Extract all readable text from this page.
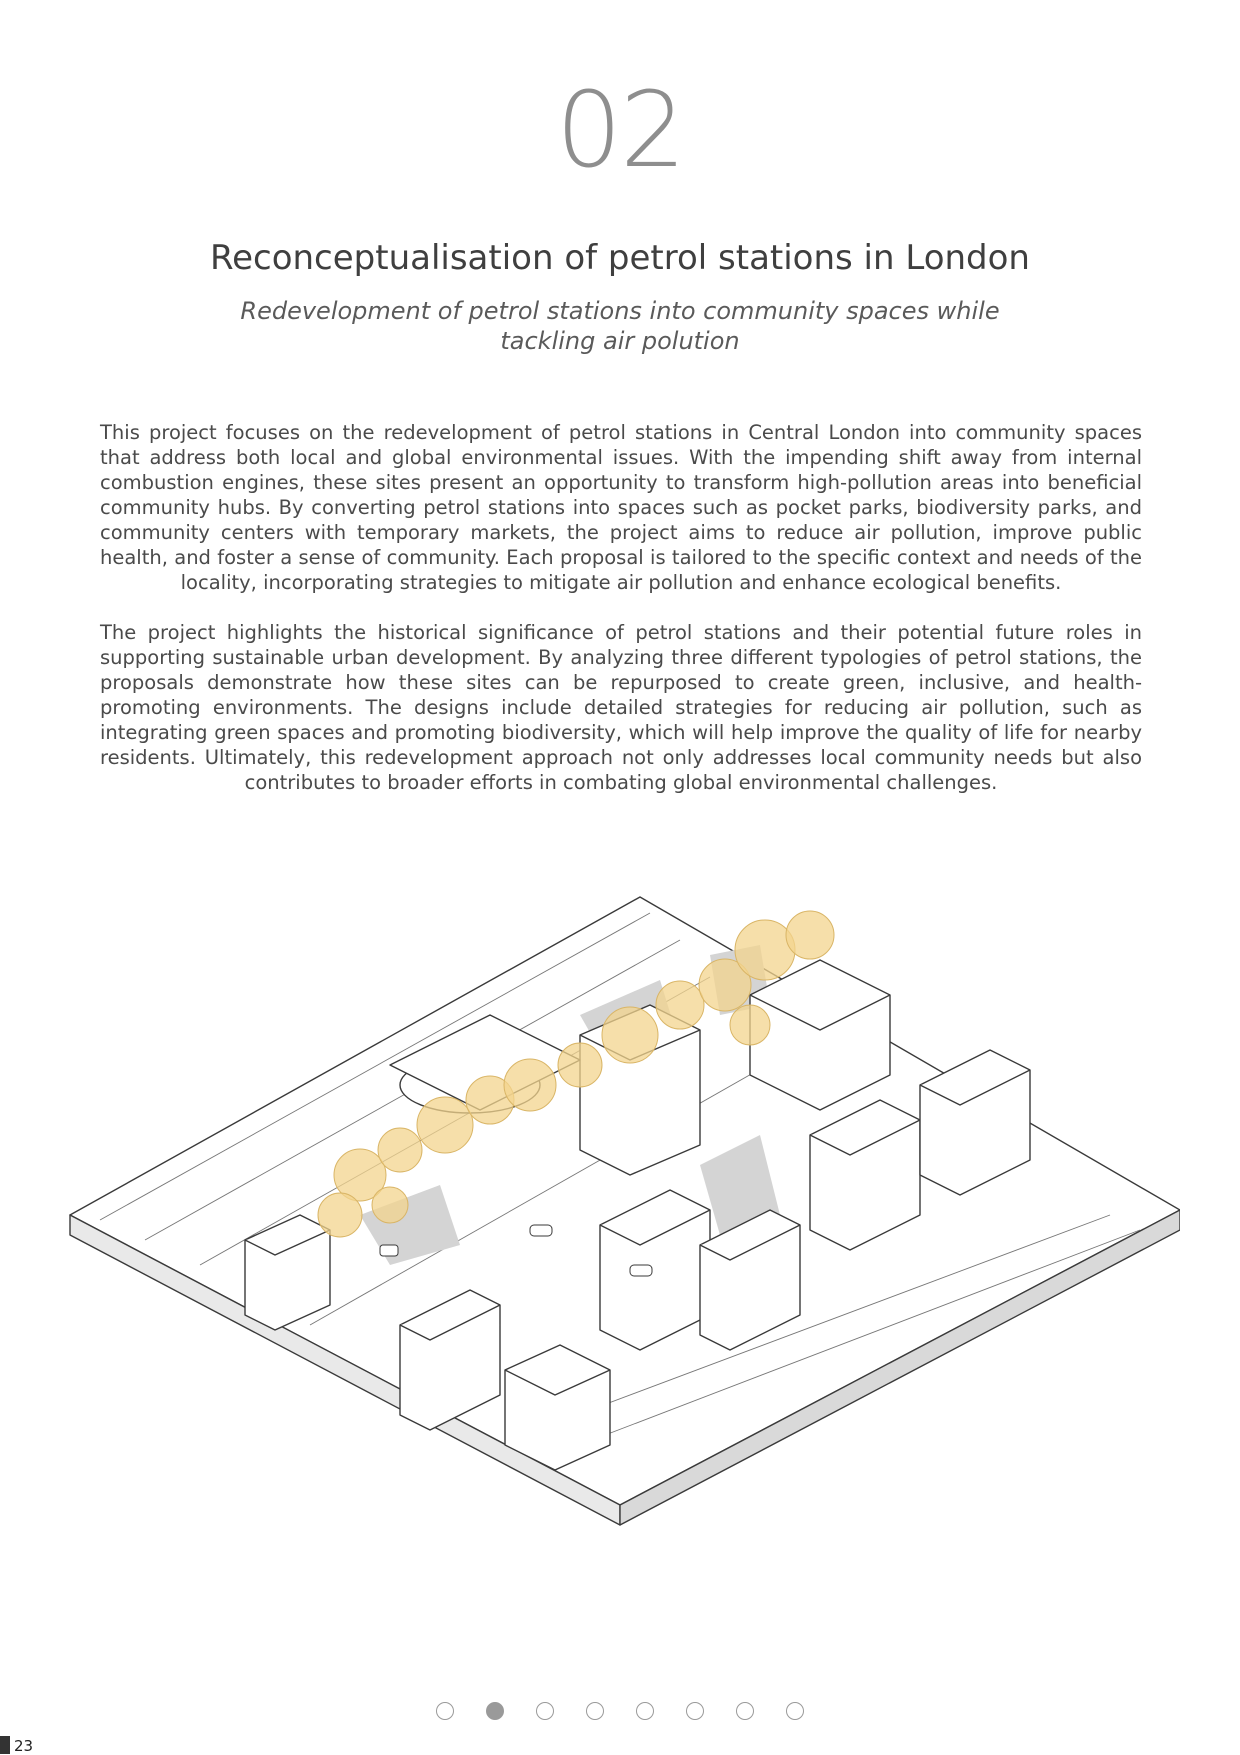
02
Reconceptualisation of petrol stations in London
Redevelopment of petrol stations into community spaces while tackling air polution

This project focuses on the redevelopment of petrol stations in Central London into community spaces that address both local and global environmental issues. With the impending shift away from internal combustion engines, these sites present an opportunity to transform high-pollution areas into beneficial community hubs. By converting petrol stations into spaces such as pocket parks, biodiversity parks, and community centers with temporary markets, the project aims to reduce air pollution, improve public health, and foster a sense of community. Each proposal is tailored to the specific context and needs of the locality, incorporating strategies to mitigate air pollution and enhance ecological benefits.

The project highlights the historical significance of petrol stations and their potential future roles in supporting sustainable urban development. By analyzing three different typologies of petrol stations, the proposals demonstrate how these sites can be repurposed to create green, inclusive, and health-promoting environments. The designs include detailed strategies for reducing air pollution, such as integrating green spaces and promoting biodiversity, which will help improve the quality of life for nearby residents. Ultimately, this redevelopment approach not only addresses local community needs but also contributes to broader efforts in combating global environmental challenges.

23
